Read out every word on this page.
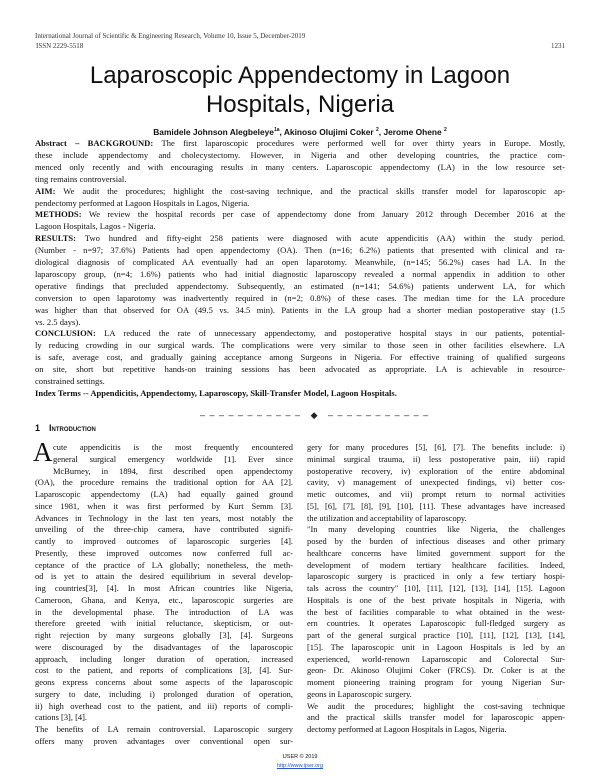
International Journal of Scientific & Engineering Research, Volume 10, Issue 5, December-2019
ISSN 2229-5518	1231
Laparoscopic Appendectomy in Lagoon
Hospitals, Nigeria
Bamidele Johnson Alegbeleye$^{1a}$, Akinoso Olujimi Coker $^2$, Jerome Ohene $^2$
Abstract – BACKGROUND: The first laparoscopic procedures were performed well for over thirty years in Europe. Mostly,
these include appendectomy and cholecystectomy. However, in Nigeria and other developing countries, the practice com-
menced only recently and with encouraging results in many centers. Laparoscopic appendectomy (LA) in the low resource set-
ting remains controversial.
AIM: We audit the procedures; highlight the cost-saving technique, and the practical skills transfer model for laparoscopic ap-
pendectomy performed at Lagoon Hospitals in Lagos, Nigeria.
METHODS: We review the hospital records per case of appendectomy done from January 2012 through December 2016 at the
Lagoon Hospitals, Lagos - Nigeria.
RESULTS: Two hundred and fifty-eight 258 patients were diagnosed with acute appendicitis (AA) within the study period.
(Number - n=97; 37.6%) Patients had open appendectomy (OA). Then (n=16; 6.2%) patients that presented with clinical and ra-
diological diagnosis of complicated AA eventually had an open laparotomy. Meanwhile, (n=145; 56.2%) cases had LA. In the
laparoscopy group, (n=4; 1.6%) patients who had initial diagnostic laparoscopy revealed a normal appendix in addition to other
operative findings that precluded appendectomy. Subsequently, an estimated (n=141; 54.6%) patients underwent LA, for which
conversion to open laparotomy was inadvertently required in (n=2; 0.8%) of these cases. The median time for the LA procedure
was higher than that observed for OA (49.5 vs. 34.5 min). Patients in the LA group had a shorter median postoperative stay (1.5
vs. 2.5 days).
CONCLUSION: LA reduced the rate of unnecessary appendectomy, and postoperative hospital stays in our patients, potential-
ly reducing crowding in our surgical wards. The complications were very similar to those seen in other facilities elsewhere. LA
is safe, average cost, and gradually gaining acceptance among Surgeons in Nigeria. For effective training of qualified surgeons
on site, short but repetitive hands-on training sessions has been advocated as appropriate. LA is achievable in resource-
constrained settings.
Index Terms -- Appendicitis, Appendectomy, Laparoscopy, Skill-Transfer Model, Lagoon Hospitals.
– – – – – – – – – – – ◆ – – – – – – – – – – –
1 Introduction
A cute appendicitis is the most frequently encountered
general surgical emergency worldwide [1]. Ever since
McBurney, in 1894, first described open appendectomy
(OA), the procedure remains the traditional option for AA [2].
Laparoscopic appendectomy (LA) had equally gained ground
since 1981, when it was first performed by Kurt Semm [3].
Advances in Technology in the last ten years, most notably the
unveiling of the three-chip camera, have contributed signifi-
cantly to improved outcomes of laparoscopic surgeries [4].
Presently, these improved outcomes now conferred full ac-
ceptance of the practice of LA globally; nonetheless, the meth-
od is yet to attain the desired equilibrium in several develop-
ing countries[3], [4]. In most African countries like Nigeria,
Cameroon, Ghana, and Kenya, etc., laparoscopic surgeries are
in the developmental phase. The introduction of LA was
therefore greeted with initial reluctance, skepticism, or out-
right rejection by many surgeons globally [3], [4]. Surgeons
were discouraged by the disadvantages of the laparoscopic
approach, including longer duration of operation, increased
cost to the patient, and reports of complications [3], [4]. Sur-
geons express concerns about some aspects of the laparoscopic
surgery to date, including i) prolonged duration of operation,
ii) high overhead cost to the patient, and iii) reports of compli-
cations [3], [4].
The benefits of LA remain controversial. Laparoscopic surgery
offers many proven advantages over conventional open sur-
gery for many procedures [5], [6], [7]. The benefits include: i)
minimal surgical trauma, ii) less postoperative pain, iii) rapid
postoperative recovery, iv) exploration of the entire abdominal
cavity, v) management of unexpected findings, vi) better cos-
metic outcomes, and vii) prompt return to normal activities
[5], [6], [7], [8], [9], [10], [11]. These advantages have increased
the utilization and acceptability of laparoscopy.
"In many developing countries like Nigeria, the challenges
posed by the burden of infectious diseases and other primary
healthcare concerns have limited government support for the
development of modern tertiary healthcare facilities. Indeed,
laparoscopic surgery is practiced in only a few tertiary hospi-
tals across the country" [10], [11], [12], [13], [14], [15]. Lagoon
Hospitals is one of the best private hospitals in Nigeria, with
the best of facilities comparable to what obtained in the west-
ern countries. It operates Laparoscopic full-fledged surgery as
part of the general surgical practice [10], [11], [12], [13], [14],
[15]. The laparoscopic unit in Lagoon Hospitals is led by an
experienced, world-renown Laparoscopic and Colorectal Sur-
geon- Dr. Akinoso Olujimi Coker (FRCS). Dr. Coker is at the
moment pioneering training program for young Nigerian Sur-
geons in Laparoscopic surgery.
We audit the procedures; highlight the cost-saving technique
and the practical skills transfer model for laparoscopic appen-
dectomy performed at Lagoon Hospitals in Lagos, Nigeria.
IJSER © 2019
http://www.ijser.org
